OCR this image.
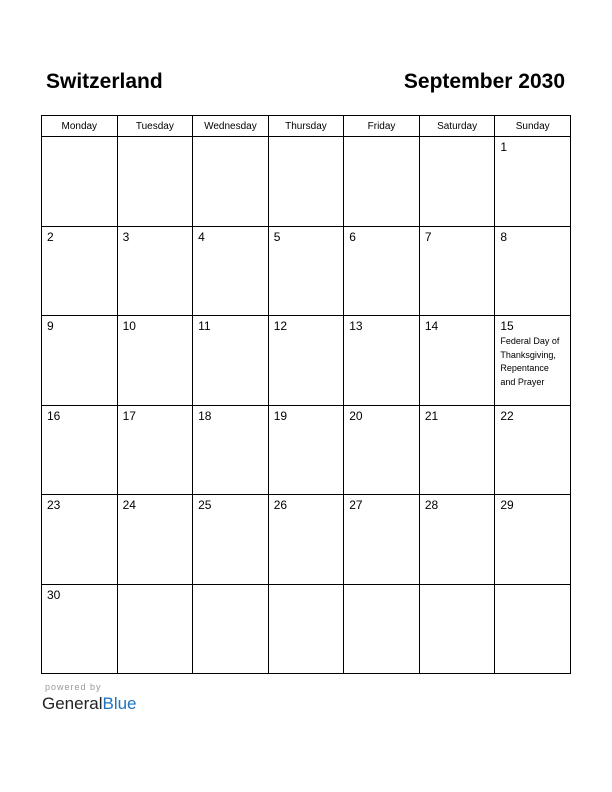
Switzerland	September 2030
Monday	Tuesday	Wednesday	Thursday	Friday	Saturday	Sunday

						1

2	3	4	5	6	7	8

9	10	11	12	13	14	15
Federal Day of Thanksgiving, Repentance and Prayer

16	17	18	19	20	21	22

23	24	25	26	27	28	29

30						

powered by
GeneralBlue
